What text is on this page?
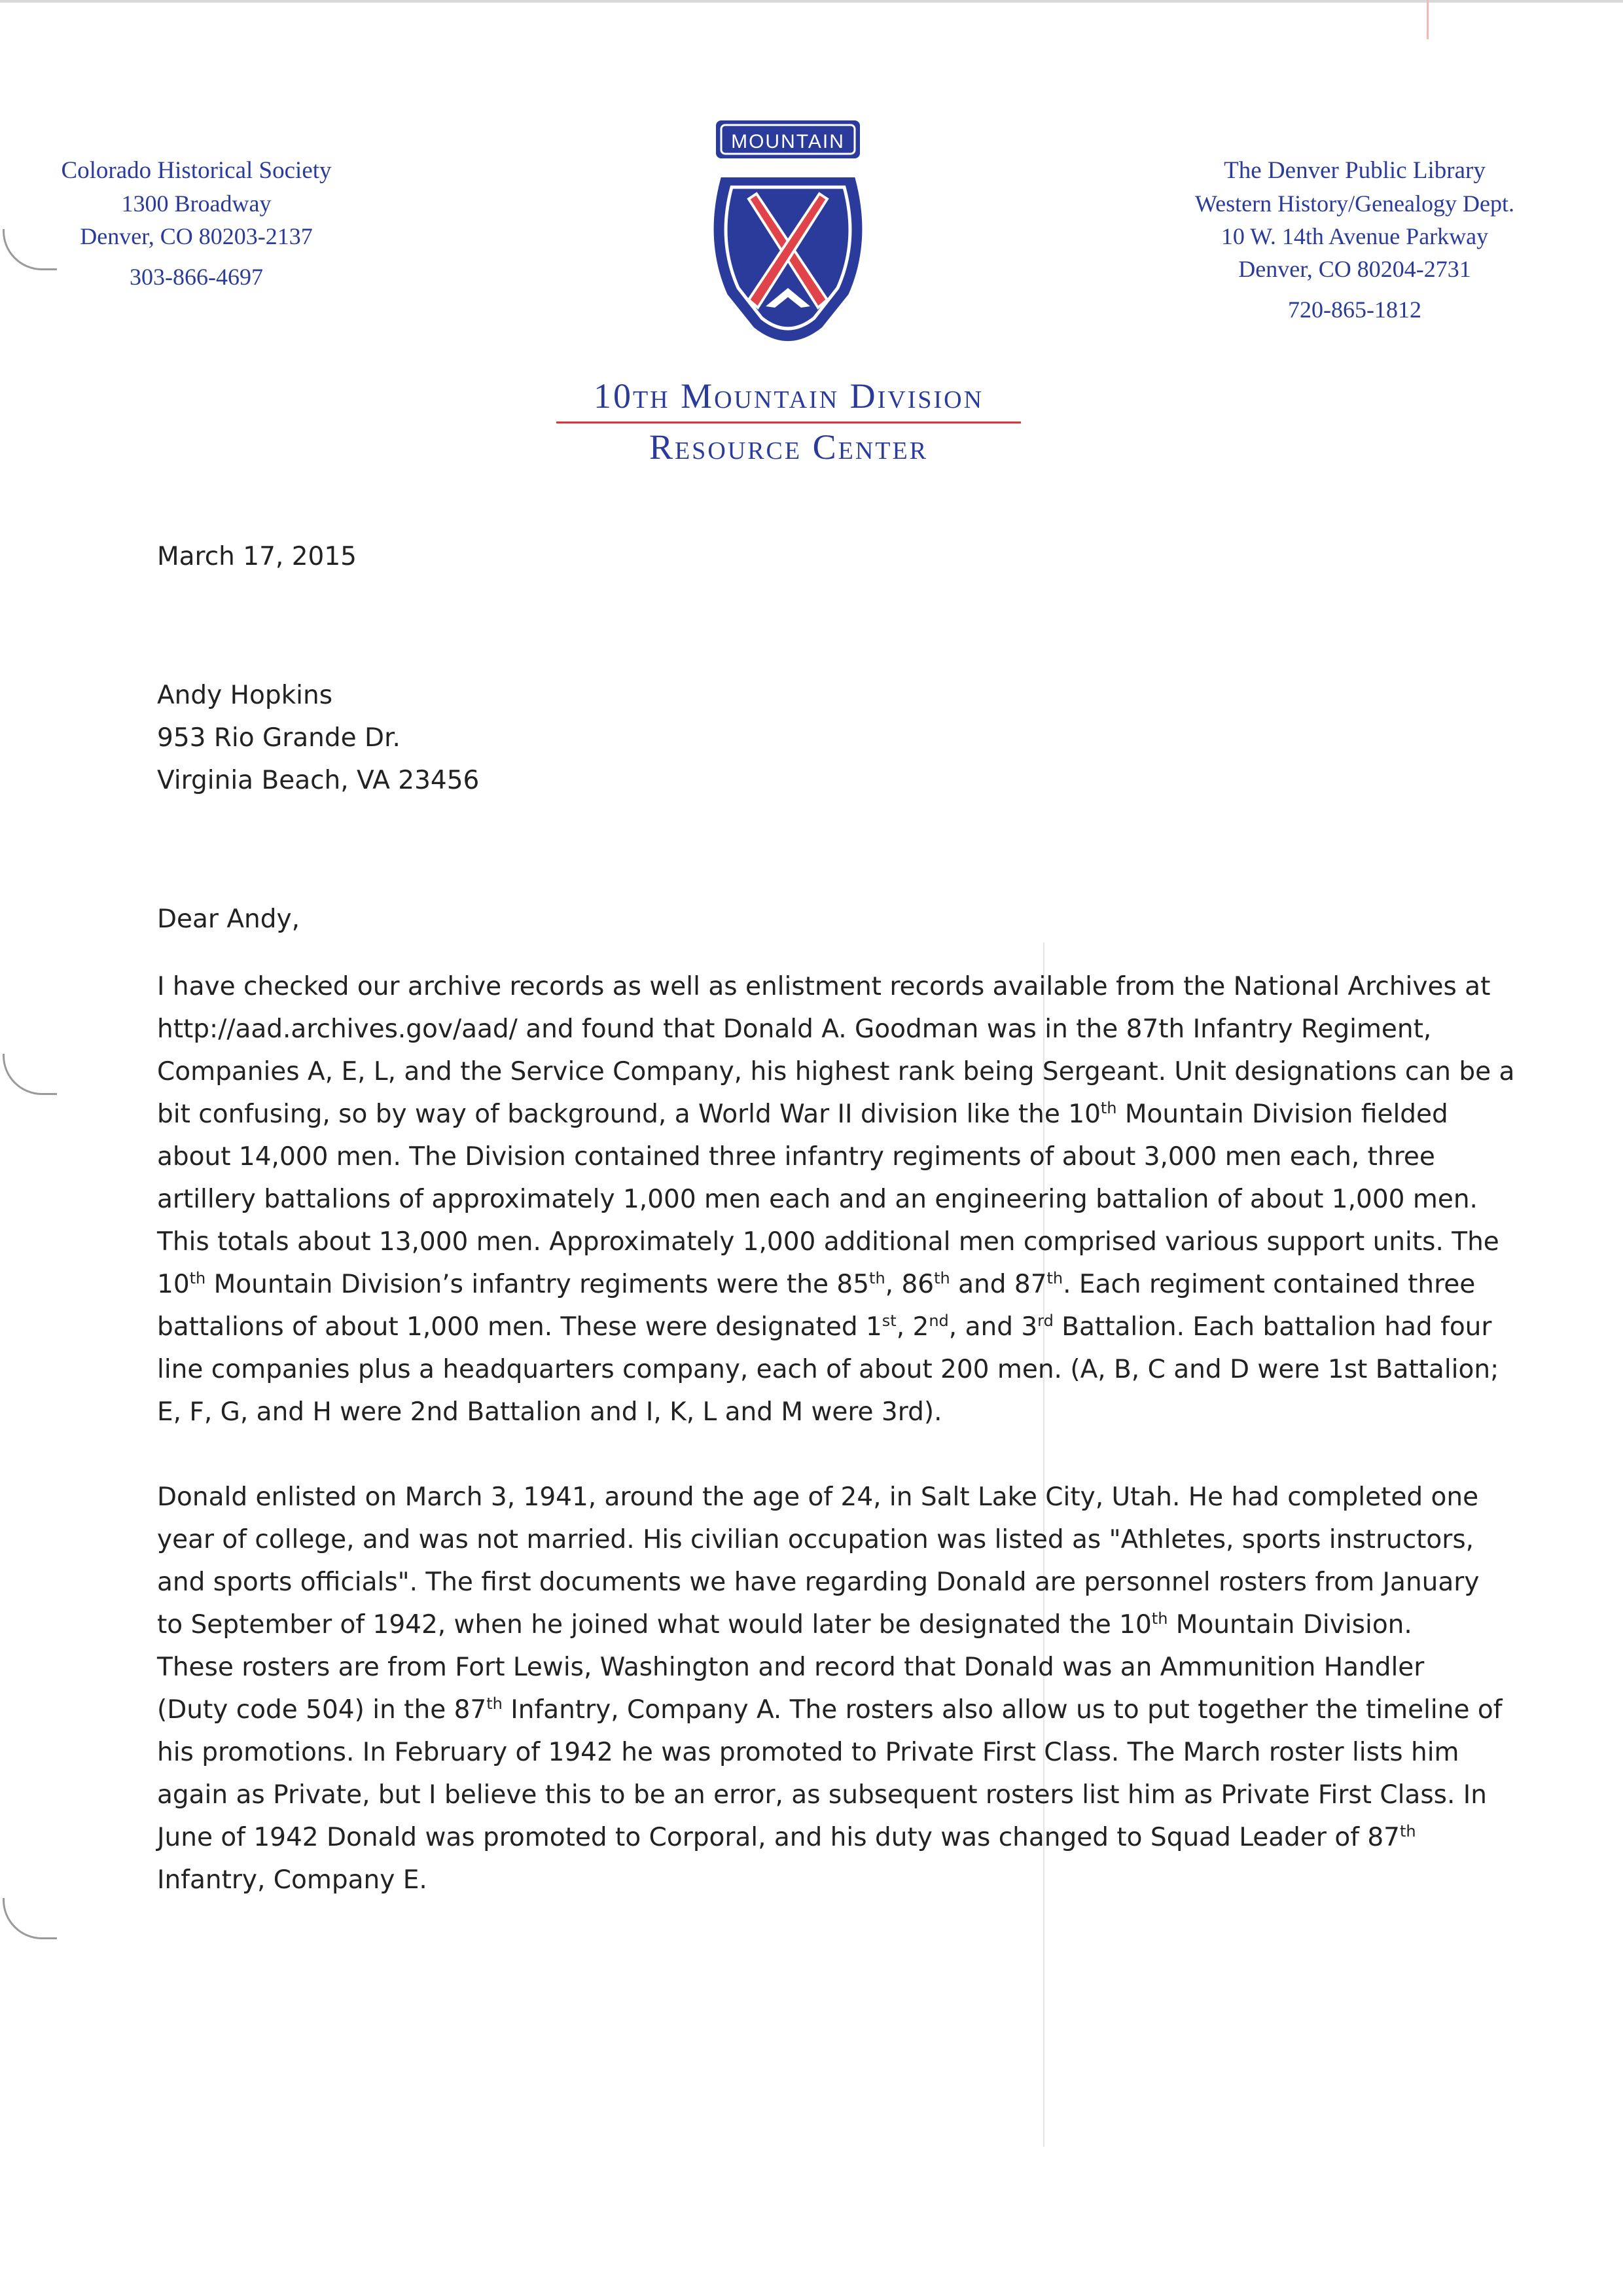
Colorado Historical Society
1300 Broadway
Denver, CO 80203-2137
303-866-4697
MOUNTAIN
10th Mountain Division
Resource Center
The Denver Public Library
Western History/Genealogy Dept.
10 W. 14th Avenue Parkway
Denver, CO 80204-2731
720-865-1812
March 17, 2015
Andy Hopkins
953 Rio Grande Dr.
Virginia Beach, VA 23456
Dear Andy,
I have checked our archive records as well as enlistment records available from the National Archives at
http://aad.archives.gov/aad/ and found that Donald A. Goodman was in the 87th Infantry Regiment,
Companies A, E, L, and the Service Company, his highest rank being Sergeant. Unit designations can be a
bit confusing, so by way of background, a World War II division like the 10th Mountain Division fielded
about 14,000 men. The Division contained three infantry regiments of about 3,000 men each, three
artillery battalions of approximately 1,000 men each and an engineering battalion of about 1,000 men.
This totals about 13,000 men. Approximately 1,000 additional men comprised various support units. The
10th Mountain Division’s infantry regiments were the 85th, 86th and 87th. Each regiment contained three
battalions of about 1,000 men. These were designated 1st, 2nd, and 3rd Battalion. Each battalion had four
line companies plus a headquarters company, each of about 200 men. (A, B, C and D were 1st Battalion;
E, F, G, and H were 2nd Battalion and I, K, L and M were 3rd).
Donald enlisted on March 3, 1941, around the age of 24, in Salt Lake City, Utah. He had completed one
year of college, and was not married. His civilian occupation was listed as "Athletes, sports instructors,
and sports officials". The first documents we have regarding Donald are personnel rosters from January
to September of 1942, when he joined what would later be designated the 10th Mountain Division.
These rosters are from Fort Lewis, Washington and record that Donald was an Ammunition Handler
(Duty code 504) in the 87th Infantry, Company A. The rosters also allow us to put together the timeline of
his promotions. In February of 1942 he was promoted to Private First Class. The March roster lists him
again as Private, but I believe this to be an error, as subsequent rosters list him as Private First Class. In
June of 1942 Donald was promoted to Corporal, and his duty was changed to Squad Leader of 87th
Infantry, Company E.
